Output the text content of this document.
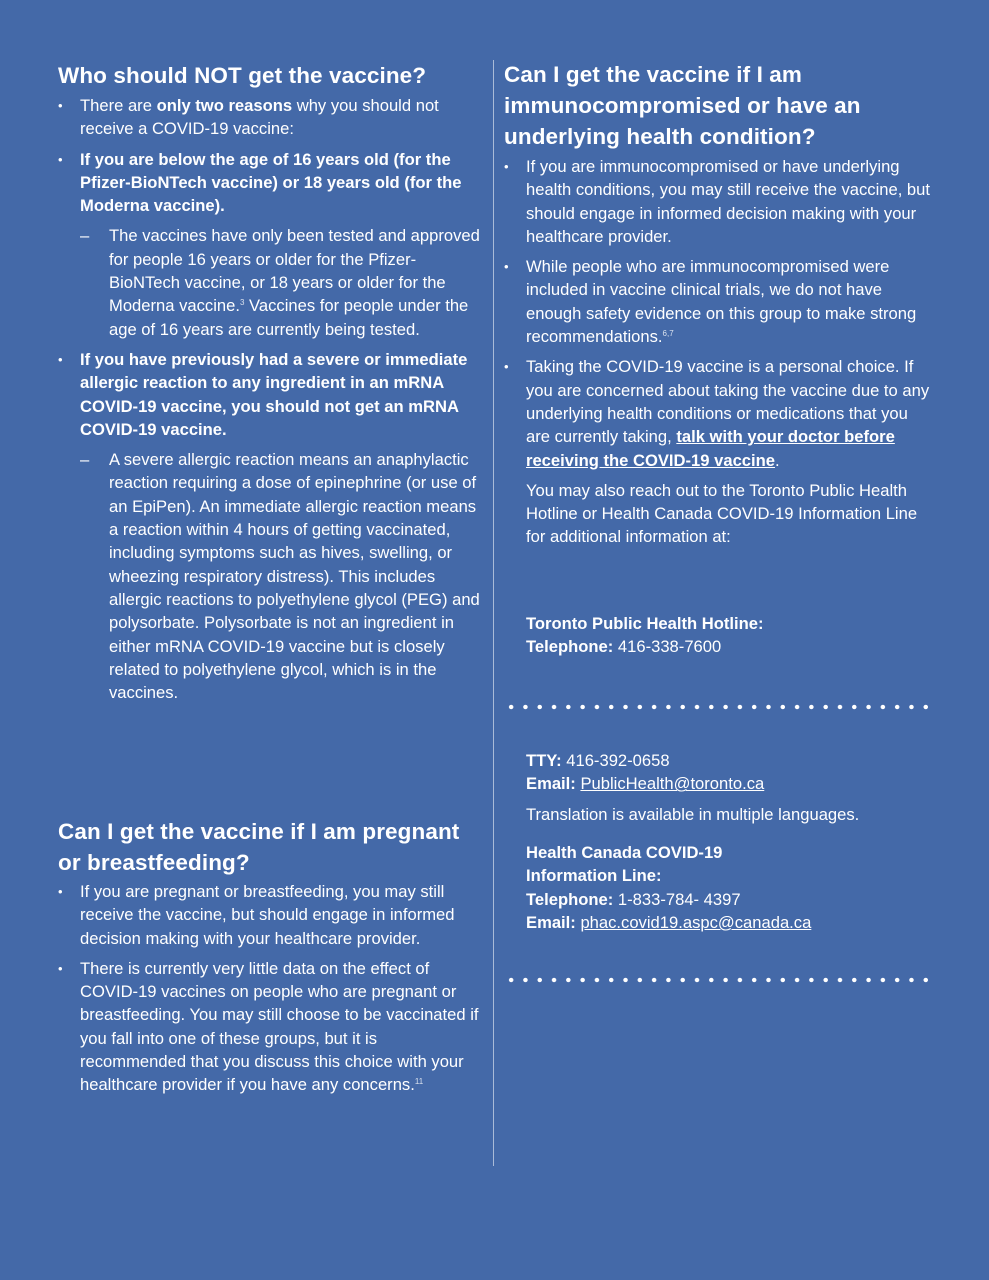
Who should NOT get the vaccine?
• There are only two reasons why you should not receive a COVID-19 vaccine:
• If you are below the age of 16 years old (for the Pfizer-BioNTech vaccine) or 18 years old (for the Moderna vaccine).
– The vaccines have only been tested and approved for people 16 years or older for the Pfizer-BioNTech vaccine, or 18 years or older for the Moderna vaccine.$^3$ Vaccines for people under the age of 16 years are currently being tested.
• If you have previously had a severe or immediate allergic reaction to any ingredient in an mRNA COVID-19 vaccine, you should not get an mRNA COVID-19 vaccine.
– A severe allergic reaction means an anaphylactic reaction requiring a dose of epinephrine (or use of an EpiPen). An immediate allergic reaction means a reaction within 4 hours of getting vaccinated, including symptoms such as hives, swelling, or wheezing respiratory distress). This includes allergic reactions to polyethylene glycol (PEG) and polysorbate. Polysorbate is not an ingredient in either mRNA COVID-19 vaccine but is closely related to polyethylene glycol, which is in the vaccines.
Can I get the vaccine if I am pregnant or breastfeeding?
• If you are pregnant or breastfeeding, you may still receive the vaccine, but should engage in informed decision making with your healthcare provider.
• There is currently very little data on the effect of COVID-19 vaccines on people who are pregnant or breastfeeding. You may still choose to be vaccinated if you fall into one of these groups, but it is recommended that you discuss this choice with your healthcare provider if you have any concerns.$^{11}$
Can I get the vaccine if I am immunocompromised or have an underlying health condition?
• If you are immunocompromised or have underlying health conditions, you may still receive the vaccine, but should engage in informed decision making with your healthcare provider.
• While people who are immunocompromised were included in vaccine clinical trials, we do not have enough safety evidence on this group to make strong recommendations.$^{6,7}$
• Taking the COVID-19 vaccine is a personal choice. If you are concerned about taking the vaccine due to any underlying health conditions or medications that you are currently taking, talk with your doctor before receiving the COVID-19 vaccine.

You may also reach out to the Toronto Public Health Hotline or Health Canada COVID-19 Information Line for additional information at:

Toronto Public Health Hotline:

Telephone: 416-338-7600

TTY: 416-392-0658

Email: PublicHealth@toronto.ca

Translation is available in multiple languages.

Health Canada COVID-19

Information Line:

Telephone: 1-833-784- 4397

Email: phac.covid19.aspc@canada.ca
